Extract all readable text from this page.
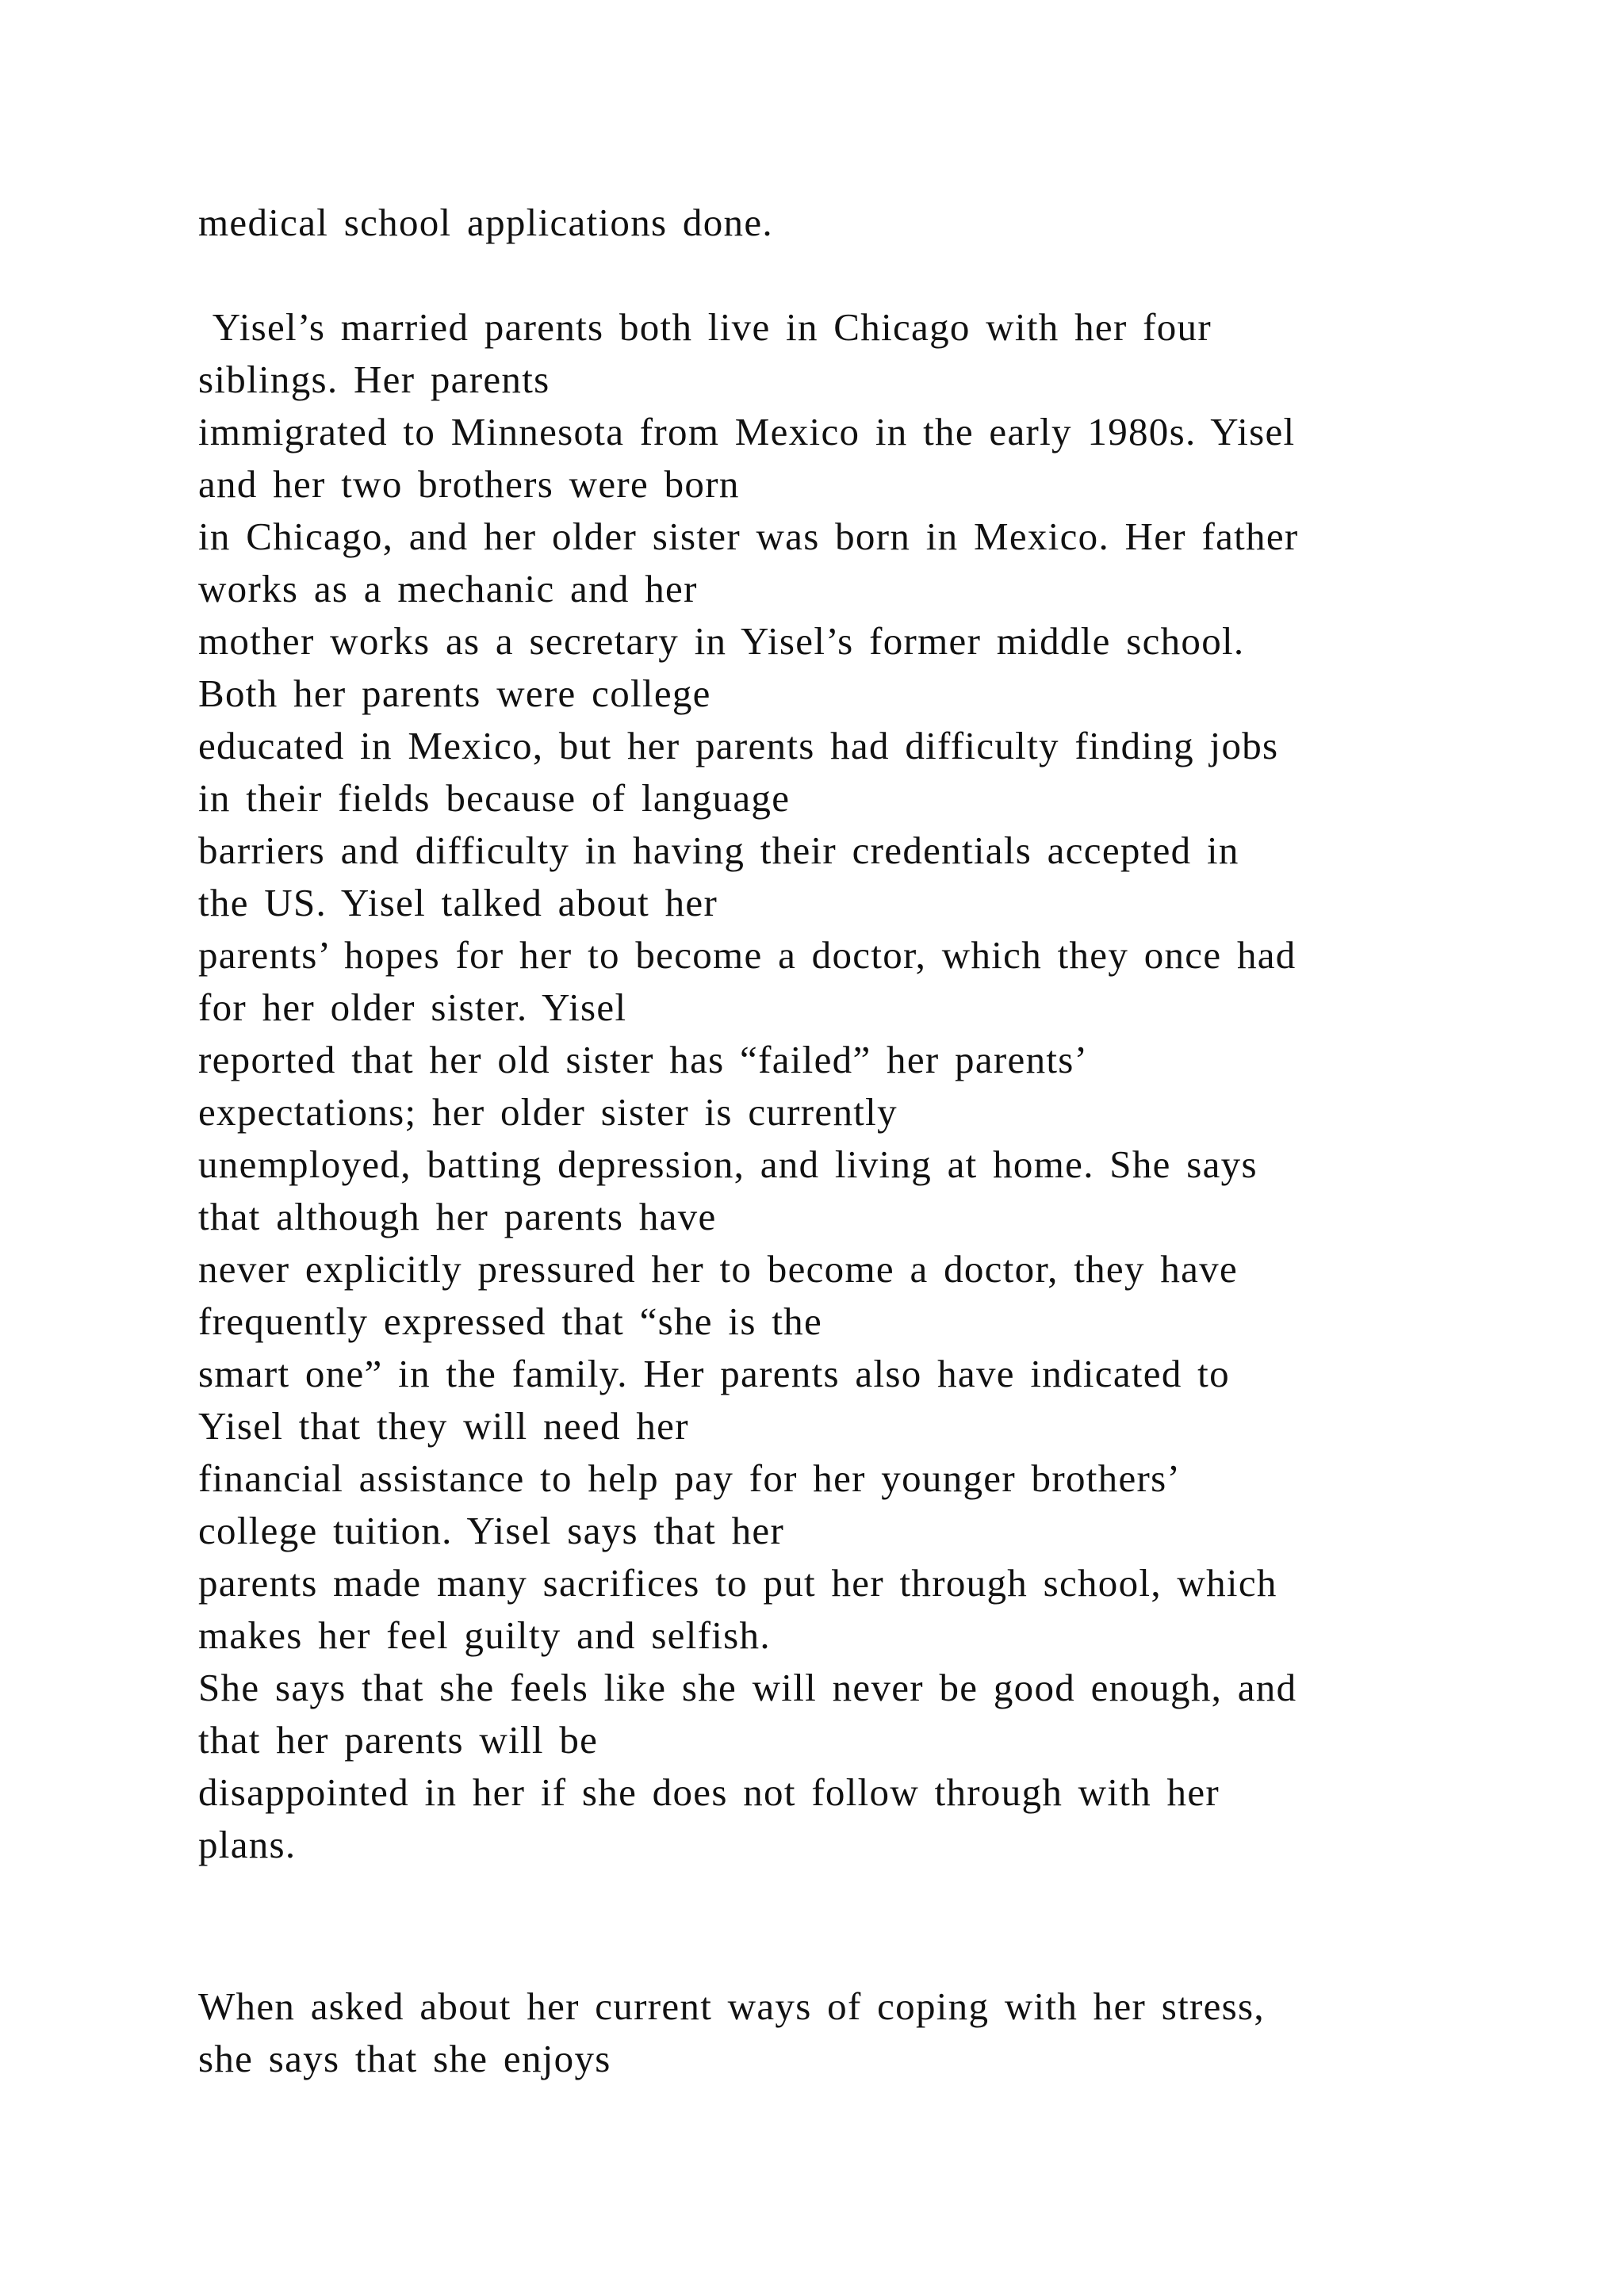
medical school applications done.

Yisel’s married parents both live in Chicago with her four

siblings. Her parents

immigrated to Minnesota from Mexico in the early 1980s. Yisel

and her two brothers were born

in Chicago, and her older sister was born in Mexico. Her father

works as a mechanic and her

mother works as a secretary in Yisel’s former middle school.

Both her parents were college

educated in Mexico, but her parents had difficulty finding jobs

in their fields because of language

barriers and difficulty in having their credentials accepted in

the US. Yisel talked about her

parents’ hopes for her to become a doctor, which they once had

for her older sister. Yisel

reported that her old sister has “failed” her parents’

expectations; her older sister is currently

unemployed, batting depression, and living at home. She says

that although her parents have

never explicitly pressured her to become a doctor, they have

frequently expressed that “she is the

smart one” in the family. Her parents also have indicated to

Yisel that they will need her

financial assistance to help pay for her younger brothers’

college tuition. Yisel says that her

parents made many sacrifices to put her through school, which

makes her feel guilty and selfish.

She says that she feels like she will never be good enough, and

that her parents will be

disappointed in her if she does not follow through with her

plans.

When asked about her current ways of coping with her stress,

she says that she enjoys
